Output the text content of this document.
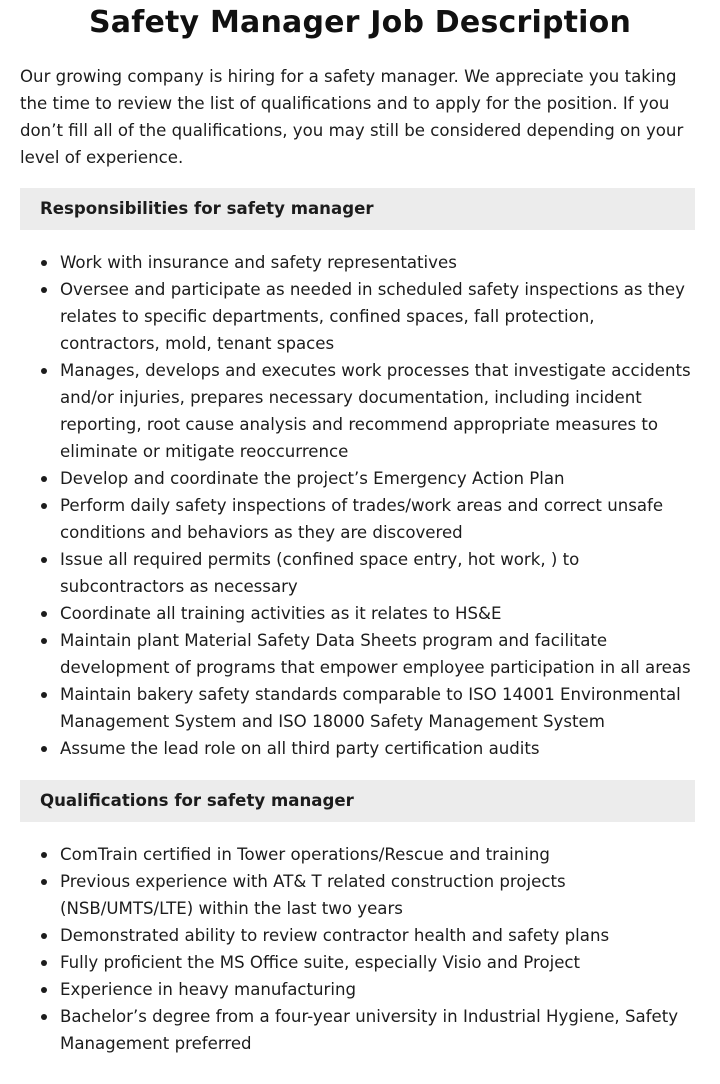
Safety Manager Job Description

Our growing company is hiring for a safety manager. We appreciate you taking the time to review the list of qualifications and to apply for the position. If you don’t fill all of the qualifications, you may still be considered depending on your level of experience.

Responsibilities for safety manager
Work with insurance and safety representatives
Oversee and participate as needed in scheduled safety inspections as they relates to specific departments, confined spaces, fall protection, contractors, mold, tenant spaces
Manages, develops and executes work processes that investigate accidents and/or injuries, prepares necessary documentation, including incident reporting, root cause analysis and recommend appropriate measures to eliminate or mitigate reoccurrence
Develop and coordinate the project’s Emergency Action Plan
Perform daily safety inspections of trades/work areas and correct unsafe conditions and behaviors as they are discovered
Issue all required permits (confined space entry, hot work, ) to subcontractors as necessary
Coordinate all training activities as it relates to HS&E
Maintain plant Material Safety Data Sheets program and facilitate development of programs that empower employee participation in all areas
Maintain bakery safety standards comparable to ISO 14001 Environmental Management System and ISO 18000 Safety Management System
Assume the lead role on all third party certification audits
Qualifications for safety manager
ComTrain certified in Tower operations/Rescue and training
Previous experience with AT& T related construction projects (NSB/UMTS/LTE) within the last two years
Demonstrated ability to review contractor health and safety plans
Fully proficient the MS Office suite, especially Visio and Project
Experience in heavy manufacturing
Bachelor’s degree from a four-year university in Industrial Hygiene, Safety Management preferred
